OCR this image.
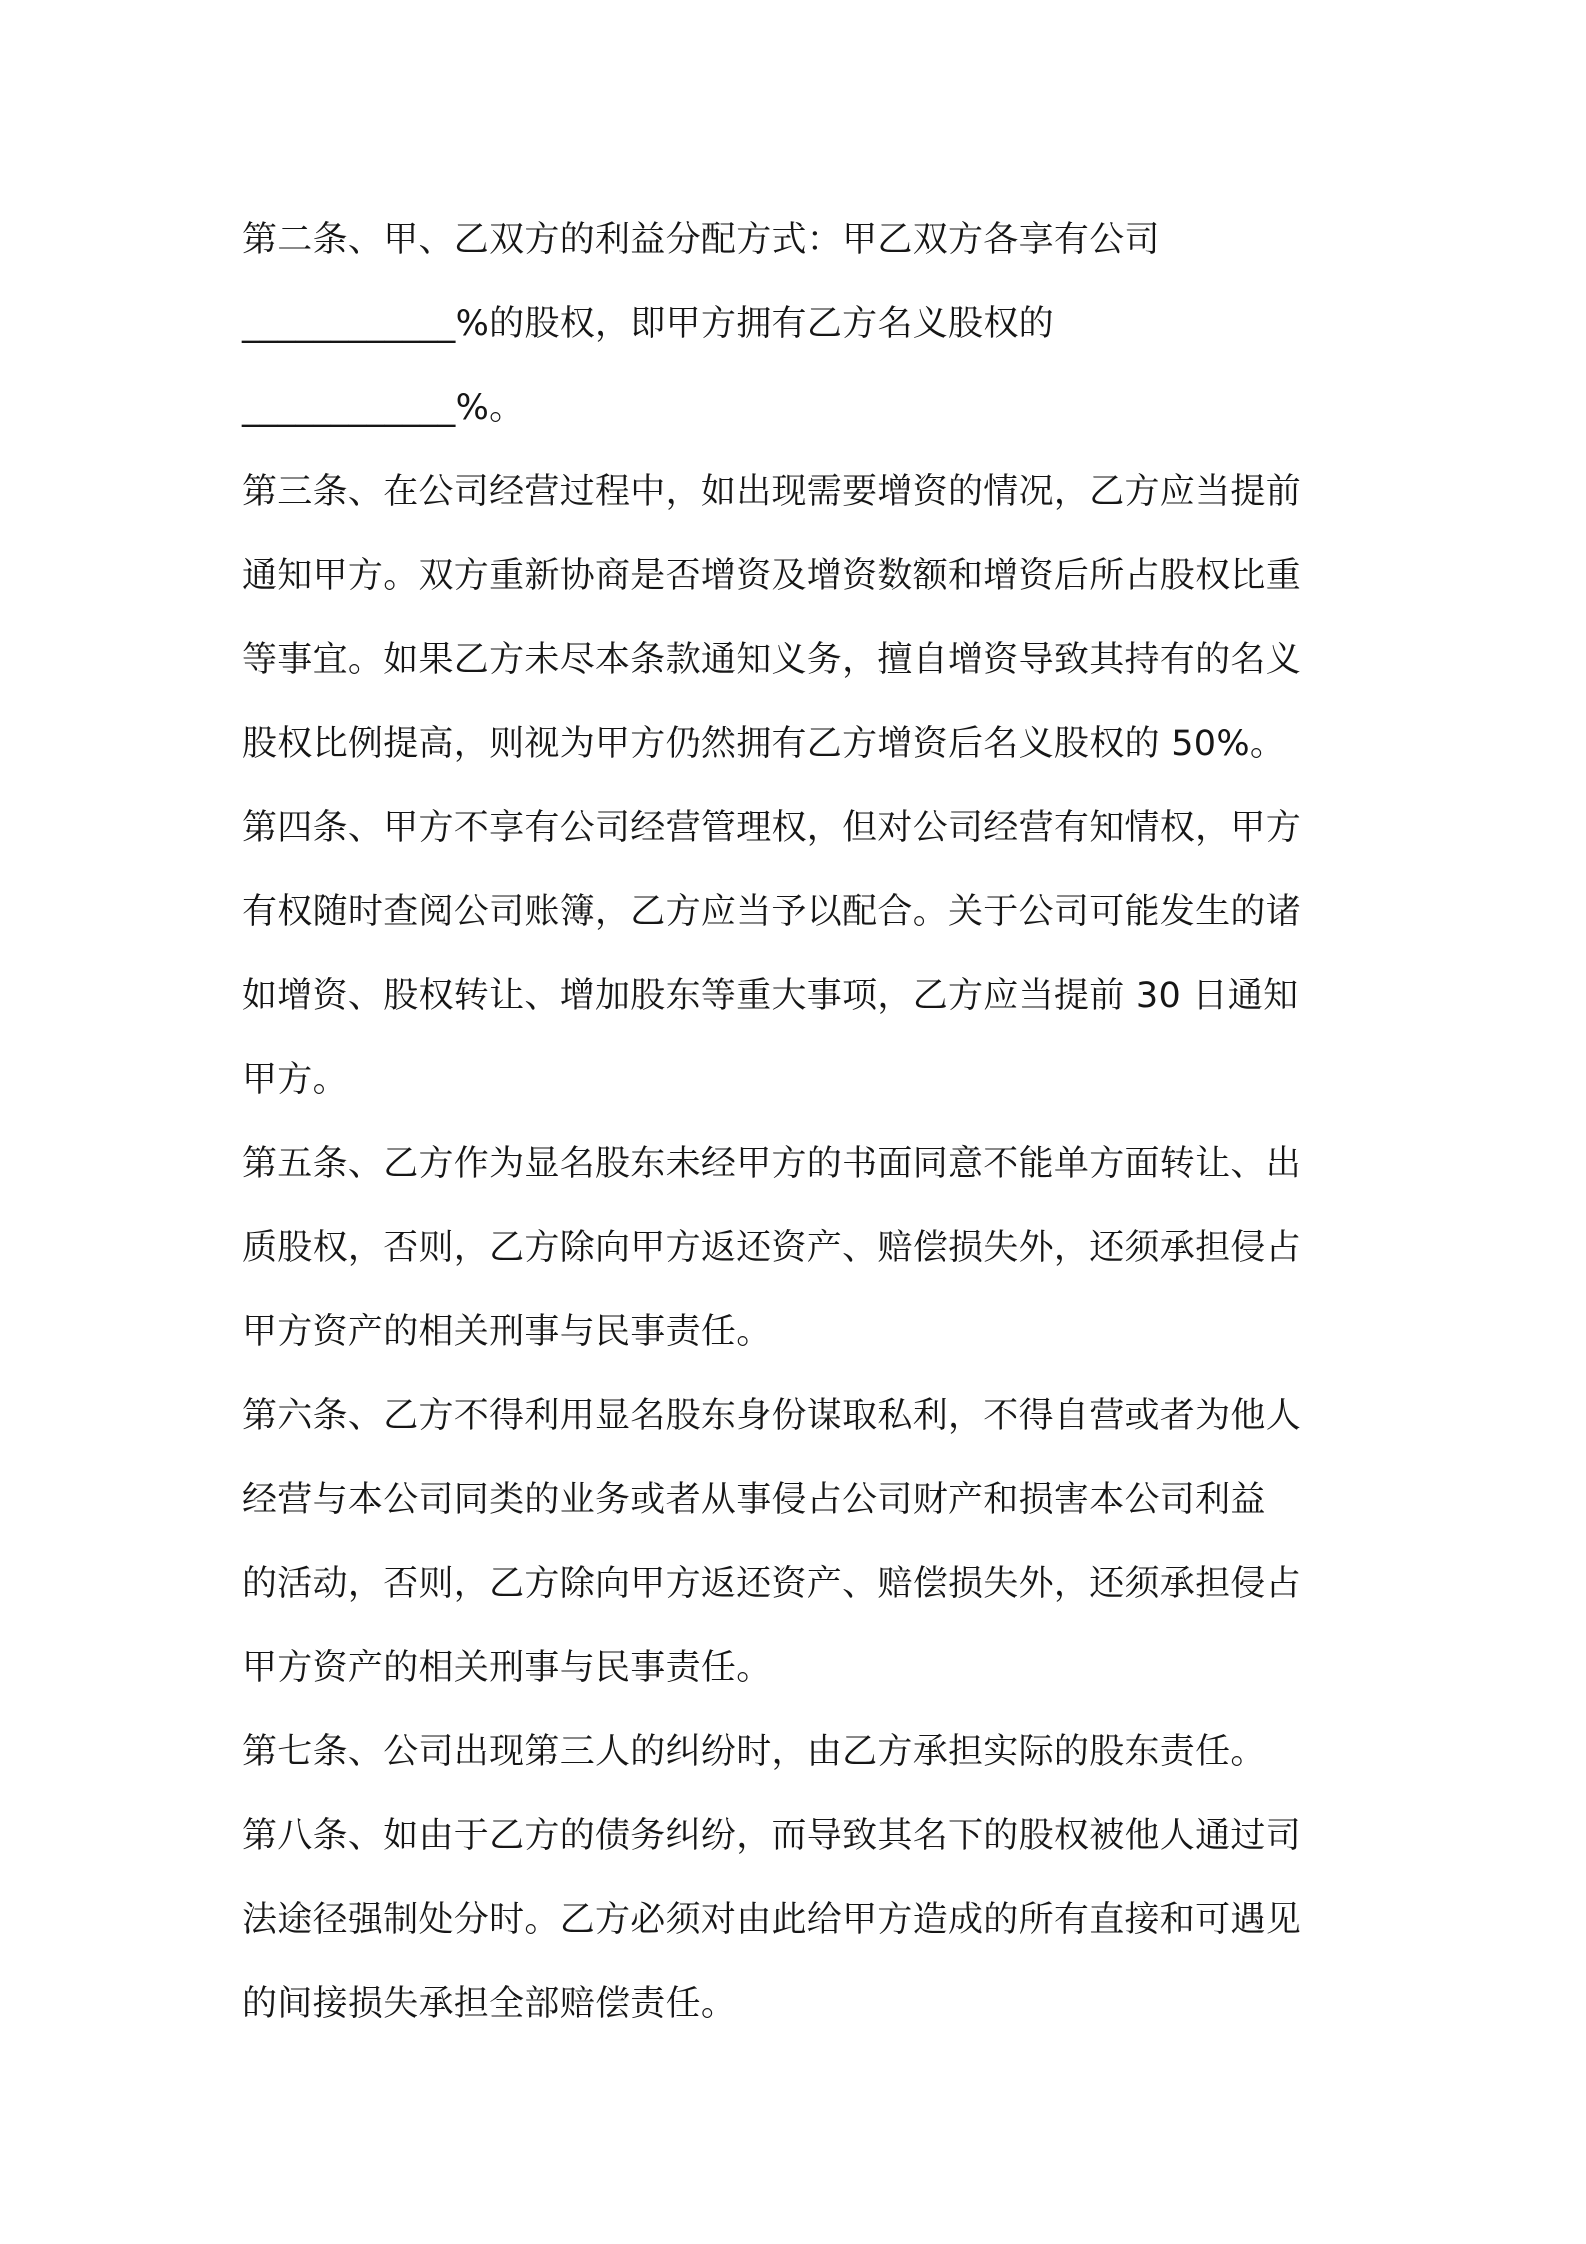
第二条、甲、乙双方的利益分配方式：甲乙双方各享有公司
____________%的股权，即甲方拥有乙方名义股权的
____________%。
第三条、在公司经营过程中，如出现需要增资的情况，乙方应当提前
通知甲方。双方重新协商是否增资及增资数额和增资后所占股权比重
等事宜。如果乙方未尽本条款通知义务，擅自增资导致其持有的名义
股权比例提高，则视为甲方仍然拥有乙方增资后名义股权的 50%。
第四条、甲方不享有公司经营管理权，但对公司经营有知情权，甲方
有权随时查阅公司账簿，乙方应当予以配合。关于公司可能发生的诸
如增资、股权转让、增加股东等重大事项，乙方应当提前 30 日通知
甲方。
第五条、乙方作为显名股东未经甲方的书面同意不能单方面转让、出
质股权，否则，乙方除向甲方返还资产、赔偿损失外，还须承担侵占
甲方资产的相关刑事与民事责任。
第六条、乙方不得利用显名股东身份谋取私利，不得自营或者为他人
经营与本公司同类的业务或者从事侵占公司财产和损害本公司利益
的活动，否则，乙方除向甲方返还资产、赔偿损失外，还须承担侵占
甲方资产的相关刑事与民事责任。
第七条、公司出现第三人的纠纷时，由乙方承担实际的股东责任。
第八条、如由于乙方的债务纠纷，而导致其名下的股权被他人通过司
法途径强制处分时。乙方必须对由此给甲方造成的所有直接和可遇见
的间接损失承担全部赔偿责任。
